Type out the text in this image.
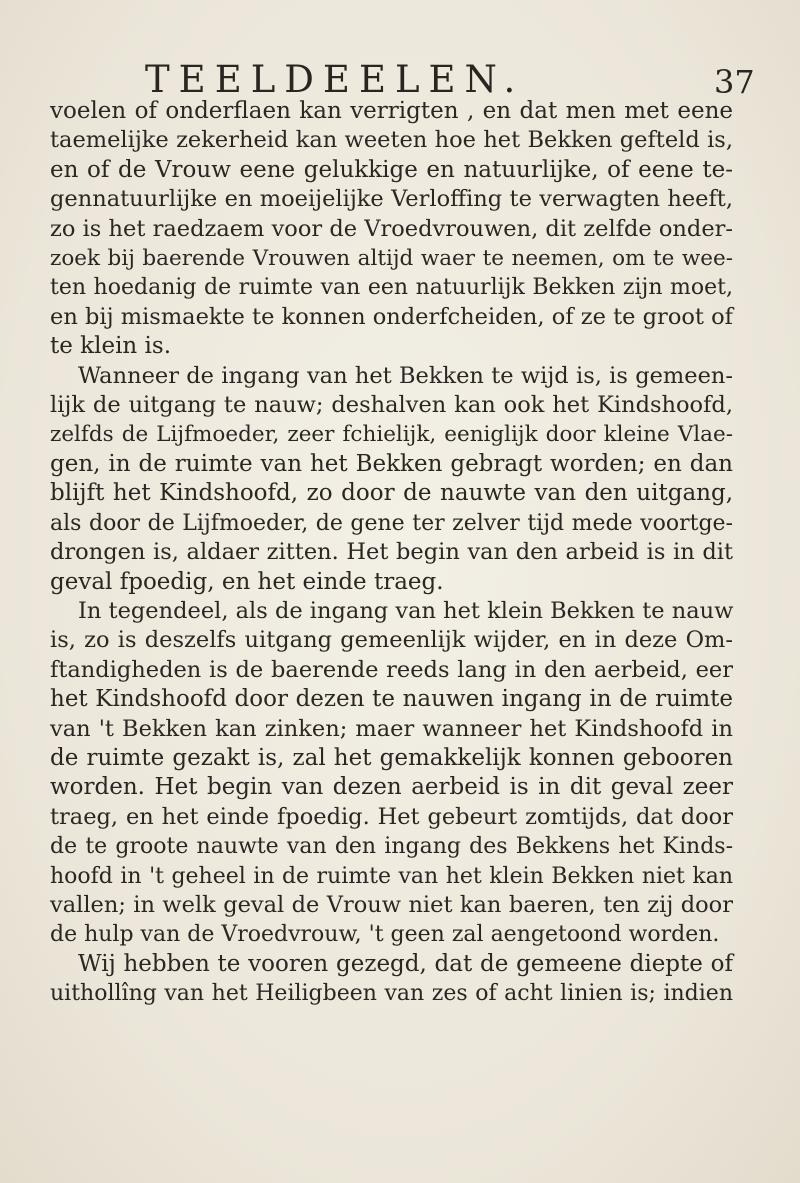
TEELDEELEN.	37
voelen of onderflaen kan verrigten , en dat men met eene
taemelijke zekerheid kan weeten hoe het Bekken gefteld is,
en of de Vrouw eene gelukkige en natuurlijke, of eene te-
gennatuurlijke en moeijelijke Verloffing te verwagten heeft,
zo is het raedzaem voor de Vroedvrouwen, dit zelfde onder-
zoek bij baerende Vrouwen altijd waer te neemen, om te wee-
ten hoedanig de ruimte van een natuurlijk Bekken zijn moet,
en bij mismaekte te konnen onderfcheiden, of ze te groot of
te klein is.
Wanneer de ingang van het Bekken te wijd is, is gemeen-
lijk de uitgang te nauw; deshalven kan ook het Kindshoofd,
zelfds de Lijfmoeder, zeer fchielijk, eeniglijk door kleine Vlae-
gen, in de ruimte van het Bekken gebragt worden; en dan
blijft het Kindshoofd, zo door de nauwte van den uitgang,
als door de Lijfmoeder, de gene ter zelver tijd mede voortge-
drongen is, aldaer zitten. Het begin van den arbeid is in dit
geval fpoedig, en het einde traeg.
In tegendeel, als de ingang van het klein Bekken te nauw
is, zo is deszelfs uitgang gemeenlijk wijder, en in deze Om-
ftandigheden is de baerende reeds lang in den aerbeid, eer
het Kindshoofd door dezen te nauwen ingang in de ruimte
van 't Bekken kan zinken; maer wanneer het Kindshoofd in
de ruimte gezakt is, zal het gemakkelijk konnen gebooren
worden. Het begin van dezen aerbeid is in dit geval zeer
traeg, en het einde fpoedig. Het gebeurt zomtijds, dat door
de te groote nauwte van den ingang des Bekkens het Kinds-
hoofd in 't geheel in de ruimte van het klein Bekken niet kan
vallen; in welk geval de Vrouw niet kan baeren, ten zij door
de hulp van de Vroedvrouw, 't geen zal aengetoond worden.
Wij hebben te vooren gezegd, dat de gemeene diepte of
uithollîng van het Heiligbeen van zes of acht linien is; indien
